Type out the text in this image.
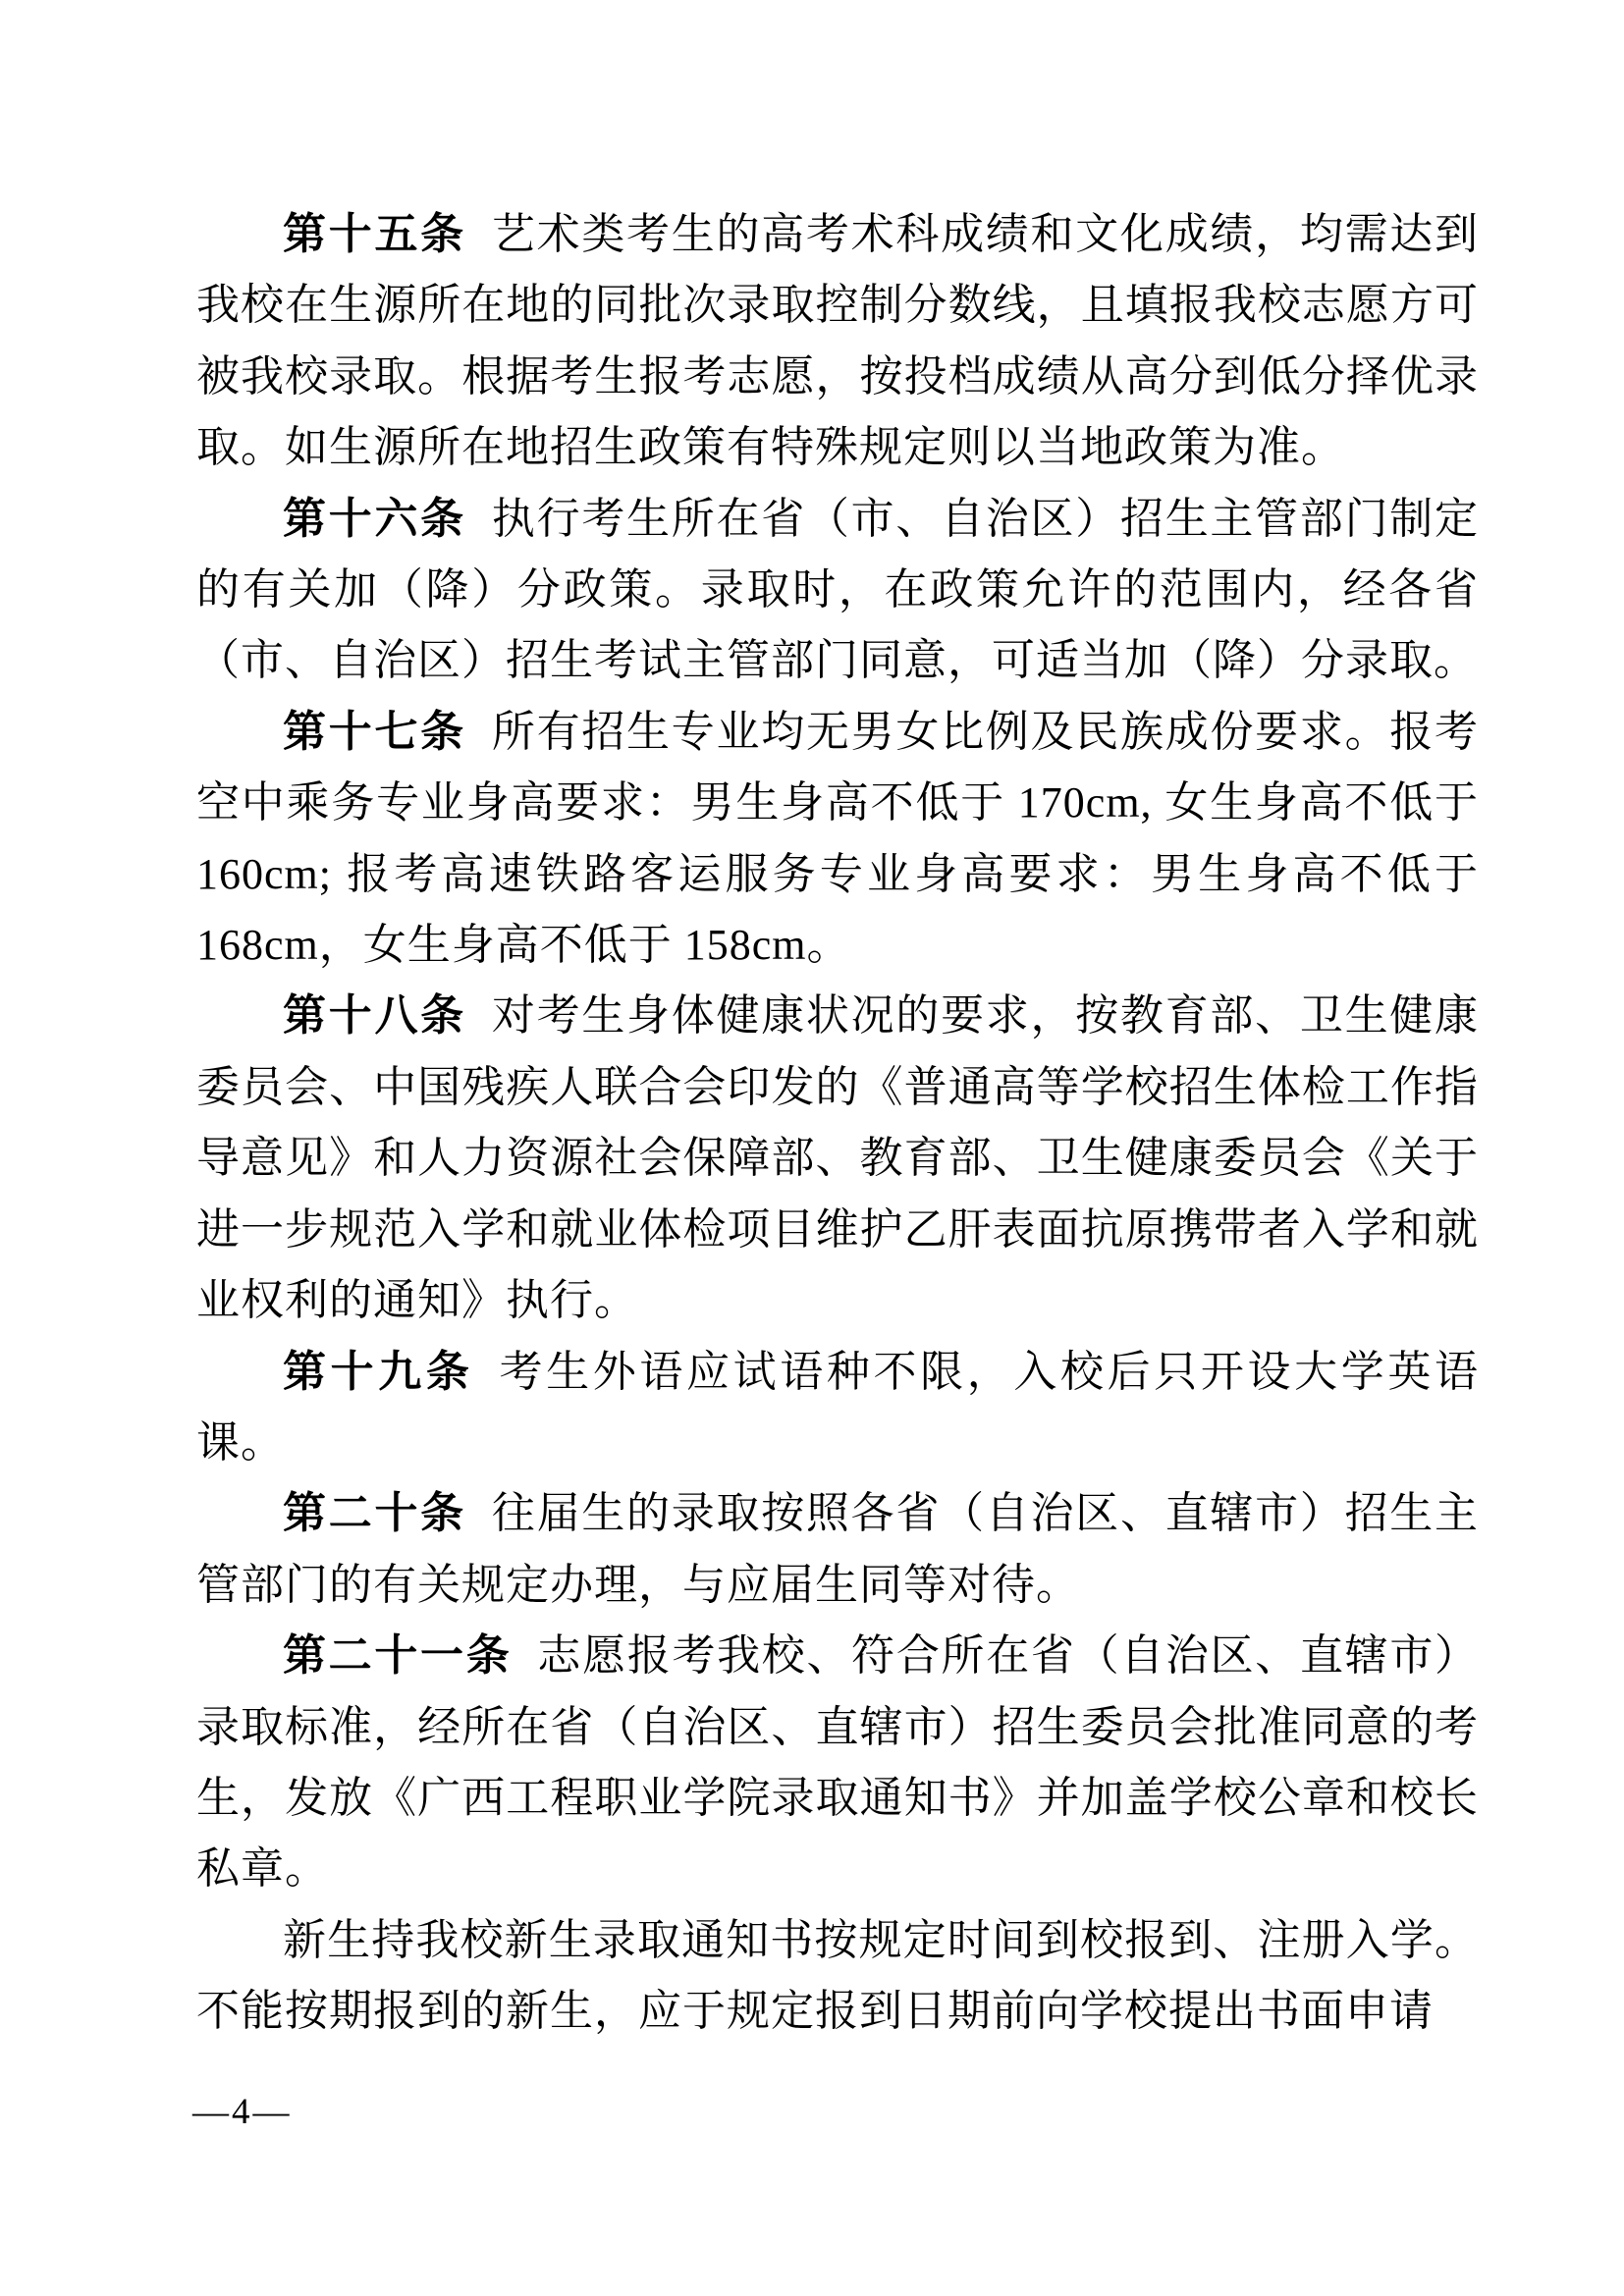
第十五条 艺术类考生的高考术科成绩和文化成绩，均需达到我校在生源所在地的同批次录取控制分数线，且填报我校志愿方可被我校录取。根据考生报考志愿，按投档成绩从高分到低分择优录取。如生源所在地招生政策有特殊规定则以当地政策为准。

第十六条 执行考生所在省（市、自治区）招生主管部门制定的有关加（降）分政策。录取时，在政策允许的范围内，经各省（市、自治区）招生考试主管部门同意，可适当加（降）分录取。

第十七条 所有招生专业均无男女比例及民族成份要求。报考空中乘务专业身高要求：男生身高不低于 170cm, 女生身高不低于 160cm; 报考高速铁路客运服务专业身高要求：男生身高不低于 168cm，女生身高不低于 158cm。

第十八条 对考生身体健康状况的要求，按教育部、卫生健康委员会、中国残疾人联合会印发的《普通高等学校招生体检工作指导意见》和人力资源社会保障部、教育部、卫生健康委员会《关于进一步规范入学和就业体检项目维护乙肝表面抗原携带者入学和就业权利的通知》执行。

第十九条 考生外语应试语种不限，入校后只开设大学英语课。

第二十条 往届生的录取按照各省（自治区、直辖市）招生主管部门的有关规定办理，与应届生同等对待。

第二十一条 志愿报考我校、符合所在省（自治区、直辖市）录取标准，经所在省（自治区、直辖市）招生委员会批准同意的考生，发放《广西工程职业学院录取通知书》并加盖学校公章和校长私章。

新生持我校新生录取通知书按规定时间到校报到、注册入学。不能按期报到的新生，应于规定报到日期前向学校提出书面申请

—4—
